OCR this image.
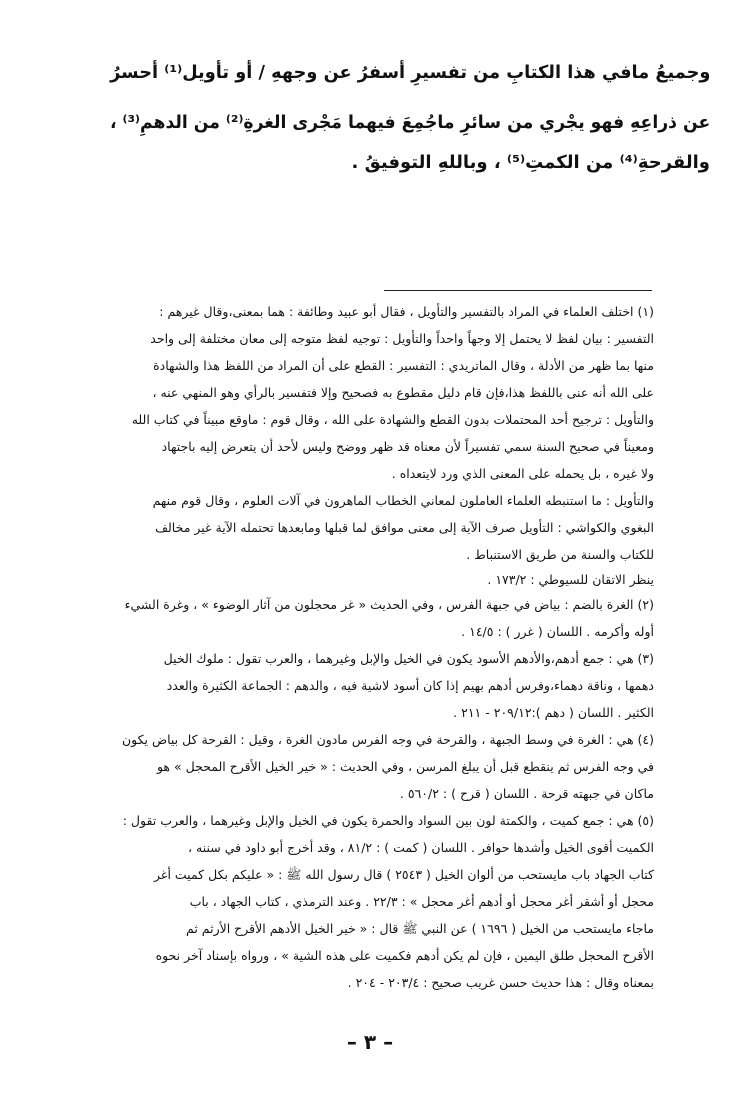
وجميعُ مافي هذا الكتابِ من تفسيرِ أسفرُ عن وجههِ / أو تأويل⁽¹⁾ أحسرُ
عن ذراعِهِ فهو يجْري من سائرِ ماجُمِعَ فيهما مَجْرى الغرةِ⁽²⁾ من الدهمِ⁽³⁾ ،
والقرحةِ⁽⁴⁾ من الكمتِ⁽⁵⁾ ، وباللهِ التوفيقُ .
(١) اختلف العلماء في المراد بالتفسير والتأويل ، فقال أبو عبيد وطائفة : هما بمعنى،وقال غيرهم :
التفسير : بيان لفظ لا يحتمل إلا وجهاً واحداً والتأويل : توجيه لفظ متوجه إلى معان مختلفة إلى واحد
منها بما ظهر من الأدلة ، وقال الماتريدي : التفسير : القطع على أن المراد من اللفظ هذا والشهادة
على الله أنه عنى باللفظ هذا،فإن قام دليل مقطوع به فصحيح وإلا فتفسير بالرأي وهو المنهي عنه ،
والتأويل : ترجيح أحد المحتملات بدون القطع والشهادة على الله ، وقال قوم : ماوقع مبيناً في كتاب الله
ومعيناً في صحيح السنة سمي تفسيراً لأن معناه قد ظهر ووضح وليس لأحد أن يتعرض إليه باجتهاد
ولا غيره ، بل يحمله على المعنى الذي ورد لايتعداه .
والتأويل : ما استنبطه العلماء العاملون لمعاني الخطاب الماهرون في آلات العلوم ، وقال قوم منهم
البغوي والكواشي : التأويل صرف الآية إلى معنى موافق لما قبلها ومابعدها تحتمله الآية غير مخالف
للكتاب والسنة من طريق الاستنباط .
ينظر الاتقان للسيوطي : ١٧٣/٢ .
(٢) الغرة بالضم : بياض في جبهة الفرس ، وفي الحديث « غر محجلون من آثار الوضوء » ، وغرة الشيء
أوله وأكرمه . اللسان ( غرر ) : ١٤/٥ .
(٣) هي : جمع أدهم،والأدهم الأسود يكون في الخيل والإبل وغيرهما ، والعرب تقول : ملوك الخيل
دهمها ، وناقة دهماء،وفرس أدهم بهيم إذا كان أسود لاشية فيه ، والدهم : الجماعة الكثيرة والعدد
الكثير . اللسان ( دهم ):٢٠٩/١٢ - ٢١١ .
(٤) هي : الغرة في وسط الجبهة ، والقرحة في وجه الفرس مادون الغرة ، وقيل : القرحة كل بياض يكون
في وجه الفرس ثم ينقطع قبل أن يبلغ المرسن ، وفي الحديث : « خير الخيل الأقرح المحجل » هو
ماكان في جبهته قرحة . اللسان ( قرح ) : ٥٦٠/٢ .
(٥) هي : جمع كميت ، والكمتة لون بين السواد والحمرة يكون في الخيل والإبل وغيرهما ، والعرب تقول :
الكميت أقوى الخيل وأشدها حوافر . اللسان ( كمت ) : ٨١/٢ ، وقد أخرج أبو داود في سننه ،
كتاب الجهاد باب مايستحب من ألوان الخيل ( ٢٥٤٣ ) قال رسول الله ﷺ : « عليكم بكل كميت أغر
محجل أو أشقر أغر محجل أو أدهم أغر محجل » : ٢٢/٣ . وعند الترمذي ، كتاب الجهاد ، باب
ماجاء مايستحب من الخيل ( ١٦٩٦ ) عن النبي ﷺ قال : « خير الخيل الأدهم الأقرح الأرثم ثم
الأقرح المحجل طلق اليمين ، فإن لم يكن أدهم فكميت على هذه الشية » ، ورواه بإسناد آخر نحوه
بمعناه وقال : هذا حديث حسن غريب صحيح : ٢٠٣/٤ - ٢٠٤ .
– ٣ –
